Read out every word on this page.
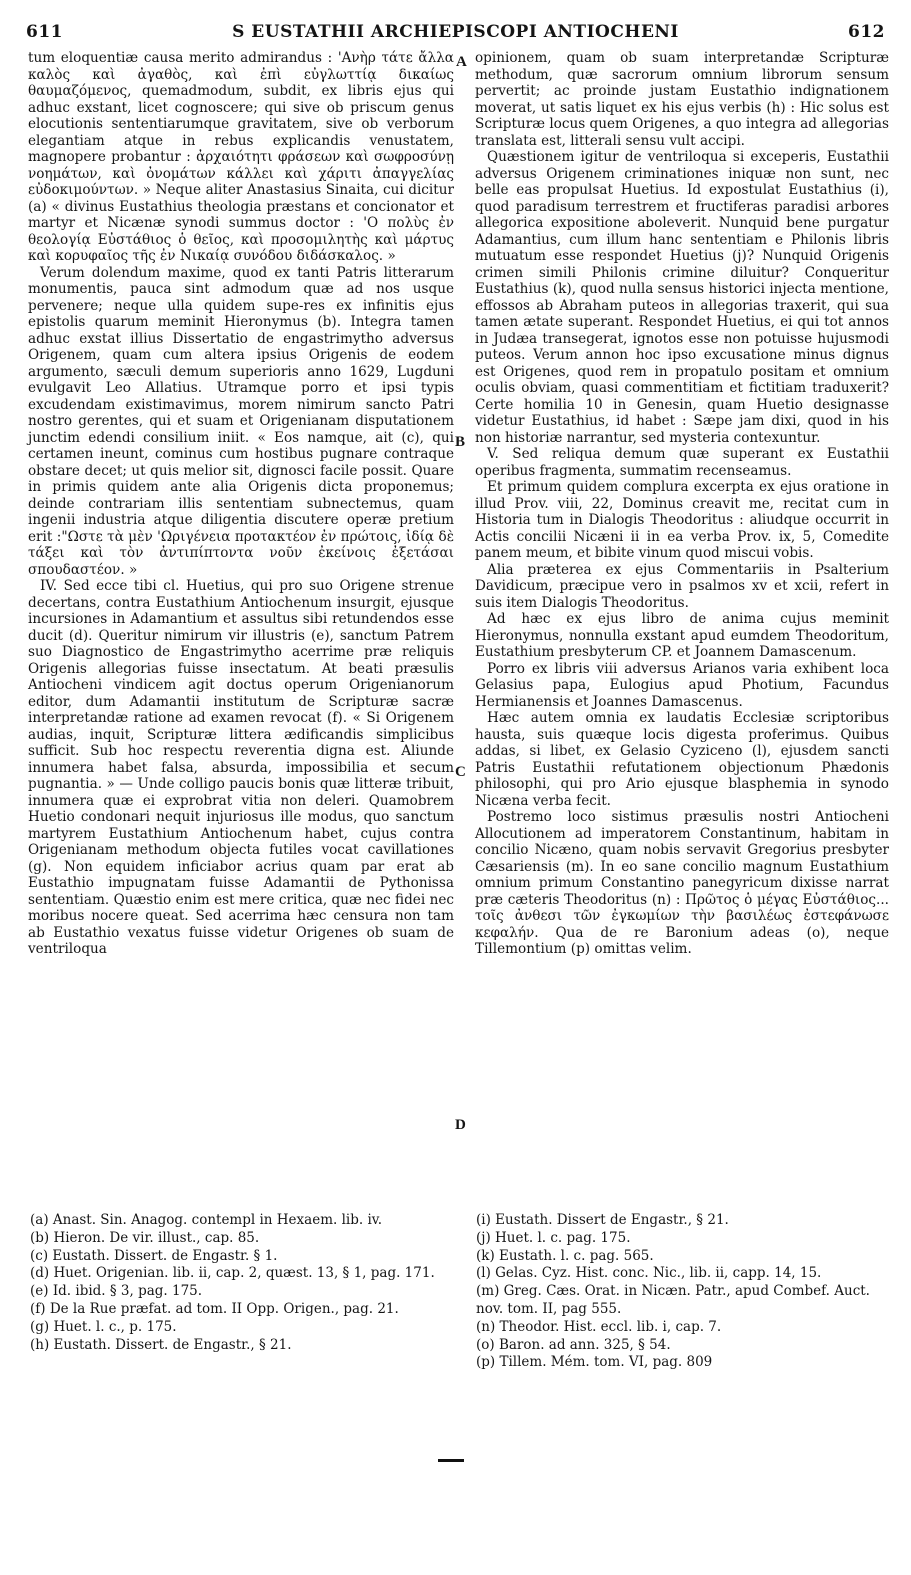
611	S EUSTATHII ARCHIEPISCOPI ANTIOCHENI	612

tum eloquentiæ causa merito admirandus : 'Ανὴρ τάτε ἄλλα καλὸς καὶ ἀγαθὸς, καὶ ἐπὶ εὐγλωττίᾳ δικαίως θαυμαζόμενος, quemadmodum, subdit, ex libris ejus qui adhuc exstant, licet cognoscere; qui sive ob priscum genus elocutionis sententiarumque gravitatem, sive ob verborum elegantiam atque in rebus explicandis venustatem, magnopere probantur : ἀρχαιότητι φράσεων καὶ σωφροσύνῃ νοημάτων, καὶ ὀνομάτων κάλλει καὶ χάριτι ἀπαγγελίας εὐδοκιμούντων. » Neque aliter Anastasius Sinaita, cui dicitur (a) « divinus Eustathius theologia præstans et concionator et martyr et Nicænæ synodi summus doctor : 'Ο πολὺς ἐν θεολογίᾳ Εὐστάθιος ὁ θεῖος, καὶ προσομιλητὴς καὶ μάρτυς καὶ κορυφαῖος τῆς ἐν Νικαίᾳ συνόδου διδάσκαλος. »

Verum dolendum maxime, quod ex tanti Patris litterarum monumentis, pauca sint admodum quæ ad nos usque pervenere; neque ulla quidem supe-res ex infinitis ejus epistolis quarum meminit Hieronymus (b). Integra tamen adhuc exstat illius Dissertatio de engastrimytho adversus Origenem, quam cum altera ipsius Origenis de eodem argumento, sæculi demum superioris anno 1629, Lugduni evulgavit Leo Allatius. Utramque porro et ipsi typis excudendam existimavimus, morem nimirum sancto Patri nostro gerentes, qui et suam et Origenianam disputationem junctim edendi consilium iniit. « Eos namque, ait (c), qui certamen ineunt, cominus cum hostibus pugnare contraque obstare decet; ut quis melior sit, dignosci facile possit. Quare in primis quidem ante alia Origenis dicta proponemus; deinde contrariam illis sententiam subnectemus, quam ingenii industria atque diligentia discutere operæ pretium erit :"Ωστε τὰ μὲν 'Ωριγένεια προτακτέον ἐν πρώτοις, ἰδίᾳ δὲ τάξει καὶ τὸν ἀντιπίπτοντα νοῦν ἐκείνοις ἐξετάσαι σπουδαστέον. »

IV. Sed ecce tibi cl. Huetius, qui pro suo Origene strenue decertans, contra Eustathium Antiochenum insurgit, ejusque incursiones in Adamantium et assultus sibi retundendos esse ducit (d). Queritur nimirum vir illustris (e), sanctum Patrem suo Diagnostico de Engastrimytho acerrime præ reliquis Origenis allegorias fuisse insectatum. At beati præsulis Antiocheni vindicem agit doctus operum Origenianorum editor, dum Adamantii institutum de Scripturæ sacræ interpretandæ ratione ad examen revocat (f). « Si Origenem audias, inquit, Scripturæ littera ædificandis simplicibus sufficit. Sub hoc respectu reverentia digna est. Aliunde innumera habet falsa, absurda, impossibilia et secum pugnantia. » — Unde colligo paucis bonis quæ litteræ tribuit, innumera quæ ei exprobrat vitia non deleri. Quamobrem Huetio condonari nequit injuriosus ille modus, quo sanctum martyrem Eustathium Antiochenum habet, cujus contra Origenianam methodum objecta futiles vocat cavillationes (g). Non equidem inficiabor acrius quam par erat ab Eustathio impugnatam fuisse Adamantii de Pythonissa sententiam. Quæstio enim est mere critica, quæ nec fidei nec moribus nocere queat. Sed acerrima hæc censura non tam ab Eustathio vexatus fuisse videtur Origenes ob suam de ventriloqua

A
B
C
D

opinionem, quam ob suam interpretandæ Scripturæ methodum, quæ sacrorum omnium librorum sensum pervertit; ac proinde justam Eustathio indignationem moverat, ut satis liquet ex his ejus verbis (h) : Hic solus est Scripturæ locus quem Origenes, a quo integra ad allegorias translata est, litterali sensu vult accipi.

Quæstionem igitur de ventriloqua si exceperis, Eustathii adversus Origenem criminationes iniquæ non sunt, nec belle eas propulsat Huetius. Id expostulat Eustathius (i), quod paradisum terrestrem et fructiferas paradisi arbores allegorica expositione aboleverit. Nunquid bene purgatur Adamantius, cum illum hanc sententiam e Philonis libris mutuatum esse respondet Huetius (j)? Nunquid Origenis crimen simili Philonis crimine diluitur? Conqueritur Eustathius (k), quod nulla sensus historici injecta mentione, effossos ab Abraham puteos in allegorias traxerit, qui sua tamen ætate superant. Respondet Huetius, ei qui tot annos in Judæa transegerat, ignotos esse non potuisse hujusmodi puteos. Verum annon hoc ipso excusatione minus dignus est Origenes, quod rem in propatulo positam et omnium oculis obviam, quasi commentitiam et fictitiam traduxerit? Certe homilia 10 in Genesin, quam Huetio designasse videtur Eustathius, id habet : Sæpe jam dixi, quod in his non historiæ narrantur, sed mysteria contexuntur.

V. Sed reliqua demum quæ superant ex Eustathii operibus fragmenta, summatim recenseamus.

Et primum quidem complura excerpta ex ejus oratione in illud Prov. viii, 22, Dominus creavit me, recitat cum in Historia tum in Dialogis Theodoritus : aliudque occurrit in Actis concilii Nicæni ii in ea verba Prov. ix, 5, Comedite panem meum, et bibite vinum quod miscui vobis.

Alia præterea ex ejus Commentariis in Psalterium Davidicum, præcipue vero in psalmos xv et xcii, refert in suis item Dialogis Theodoritus.

Ad hæc ex ejus libro de anima cujus meminit Hieronymus, nonnulla exstant apud eumdem Theodoritum, Eustathium presbyterum CP. et Joannem Damascenum.

Porro ex libris viii adversus Arianos varia exhibent loca Gelasius papa, Eulogius apud Photium, Facundus Hermianensis et Joannes Damascenus.

Hæc autem omnia ex laudatis Ecclesiæ scriptoribus hausta, suis quæque locis digesta proferimus. Quibus addas, si libet, ex Gelasio Cyziceno (l), ejusdem sancti Patris Eustathii refutationem objectionum Phædonis philosophi, qui pro Ario ejusque blasphemia in synodo Nicæna verba fecit.

Postremo loco sistimus præsulis nostri Antiocheni Allocutionem ad imperatorem Constantinum, habitam in concilio Nicæno, quam nobis servavit Gregorius presbyter Cæsariensis (m). In eo sane concilio magnum Eustathium omnium primum Constantino panegyricum dixisse narrat præ cæteris Theodoritus (n) : Πρῶτος ὁ μέγας Εὐστάθιος... τοῖς ἀνθεσι τῶν ἐγκωμίων τὴν βασιλέως ἐστεφάνωσε κεφαλήν. Qua de re Baronium adeas (o), neque Tillemontium (p) omittas velim.

(a) Anast. Sin. Anagog. contempl in Hexaem. lib. iv.
(b) Hieron. De vir. illust., cap. 85.
(c) Eustath. Dissert. de Engastr. § 1.
(d) Huet. Origenian. lib. ii, cap. 2, quæst. 13, § 1, pag. 171.
(e) Id. ibid. § 3, pag. 175.
(f) De la Rue præfat. ad tom. II Opp. Origen., pag. 21.
(g) Huet. l. c., p. 175.
(h) Eustath. Dissert. de Engastr., § 21.
(i) Eustath. Dissert de Engastr., § 21.
(j) Huet. l. c. pag. 175.
(k) Eustath. l. c. pag. 565.
(l) Gelas. Cyz. Hist. conc. Nic., lib. ii, capp. 14, 15.
(m) Greg. Cæs. Orat. in Nicæn. Patr., apud Combef. Auct. nov. tom. II, pag 555.
(n) Theodor. Hist. eccl. lib. i, cap. 7.
(o) Baron. ad ann. 325, § 54.
(p) Tillem. Mém. tom. VI, pag. 809
